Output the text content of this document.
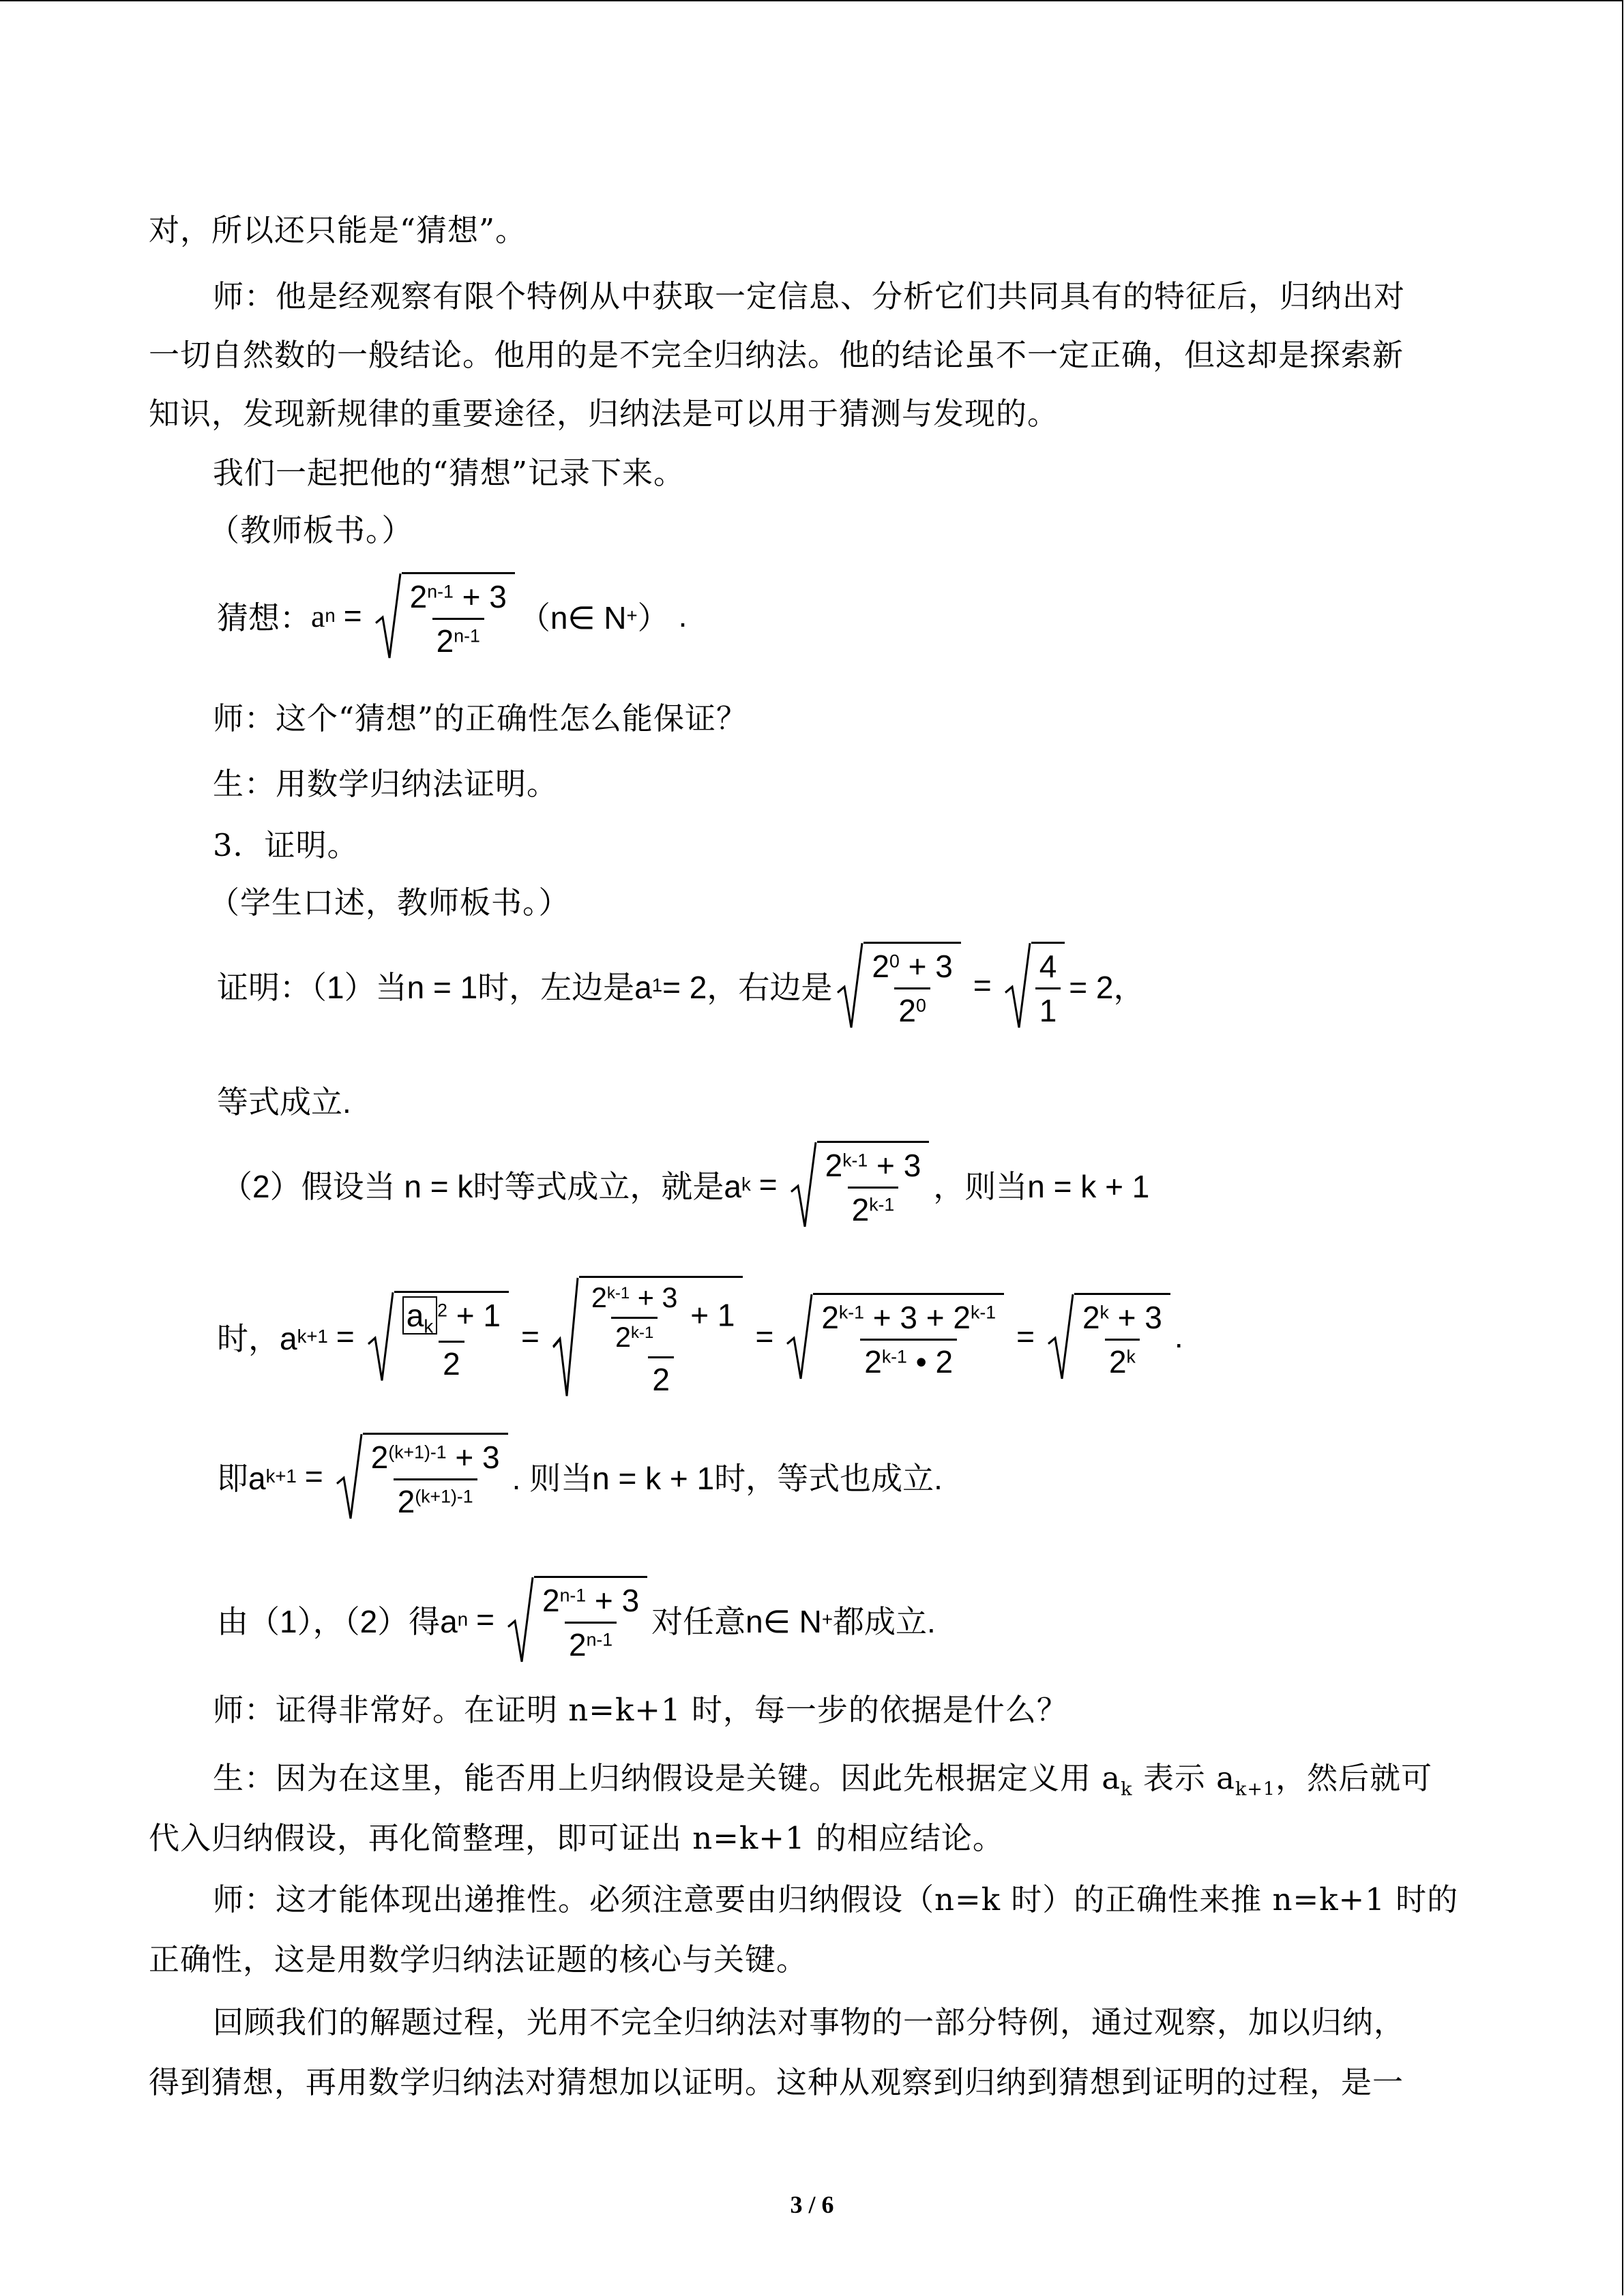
对，所以还只能是“猜想”。
师：他是经观察有限个特例从中获取一定信息、分析它们共同具有的特征后，归纳出对
一切自然数的一般结论。他用的是不完全归纳法。他的结论虽不一定正确，但这却是探索新
知识，发现新规律的重要途径，归纳法是可以用于猜测与发现的。
我们一起把他的“猜想”记录下来。
（教师板书。）
猜想： a $n = \frac{2^{n-1} + 3}{2^{n-1}}$ （n∈ N + ） .
师：这个“猜想”的正确性怎么能保证？
生：用数学归纳法证明。
3．证明。
（学生口述，教师板书。）
证明：（1）当n = 1时，左边是a 1 = 2，右边是 $\frac{2^0 + 3}{2^0} = \frac{4}{1} = 2$，
等式成立.
（2）假设当 n = k时等式成立，就是a $k = \frac{2^{k-1} + 3}{2^{k-1}}$ ，则当n = k + 1
时，a $k+1 = \frac{a_k^2 + 1}{2} = \frac{\frac{2^{k-1} + 3}{2^{k-1}} + 1}{2} = \frac{2^{k-1} + 3 + 2^{k-1}}{2^{k-1} • 2} = \frac{2^k + 3}{2^k}$ .
即a $k+1 = \frac{2^{(k+1)-1} + 3}{2^{(k+1)-1}}$ . 则当n = k + 1时，等式也成立.
由（1），（2）得a $n = \frac{2^{n-1} + 3}{2^{n-1}}$ 对任意n∈ N + 都成立.
师：证得非常好。在证明 n=k+1 时，每一步的依据是什么？
生：因为在这里，能否用上归纳假设是关键。因此先根据定义用 $a_k$ 表示 $a_{k+1}$，然后就可
代入归纳假设，再化简整理，即可证出 n=k+1 的相应结论。
师：这才能体现出递推性。必须注意要由归纳假设（n=k 时）的正确性来推 n=k+1 时的
正确性，这是用数学归纳法证题的核心与关键。
回顾我们的解题过程，光用不完全归纳法对事物的一部分特例，通过观察，加以归纳，
得到猜想，再用数学归纳法对猜想加以证明。这种从观察到归纳到猜想到证明的过程，是一
3 / 6
